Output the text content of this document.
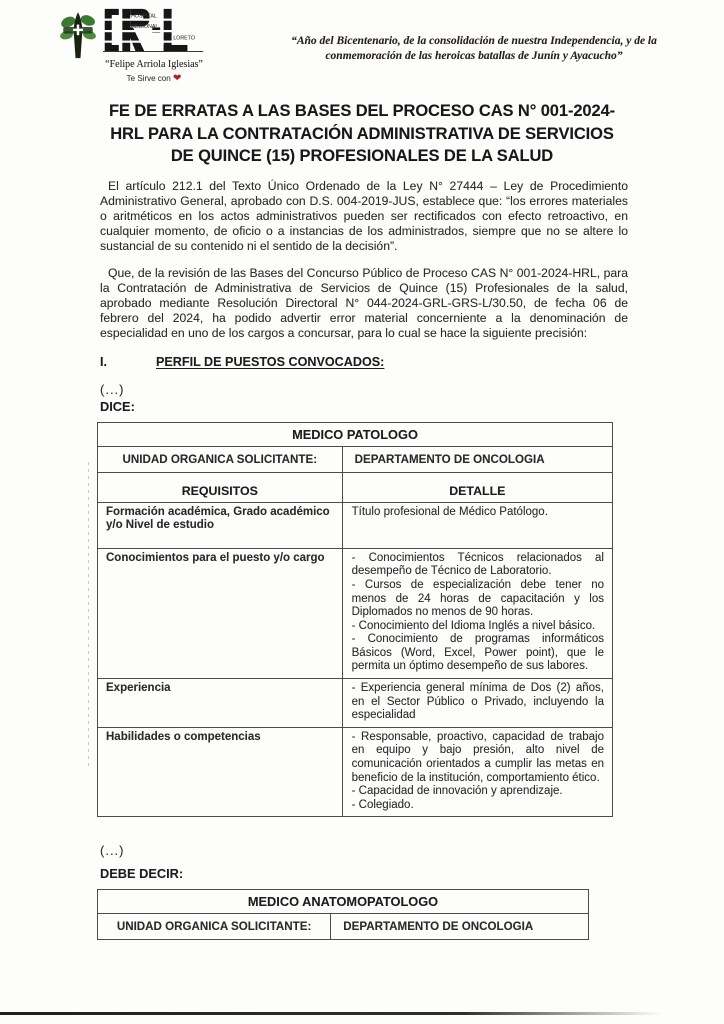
HOSPITAL
REGIONAL
LORETO
“Felipe Arriola Iglesias”
Te Sirve con ❤
“Año del Bicentenario, de la consolidación de nuestra Independencia, y de la
conmemoración de las heroicas batallas de Junín y Ayacucho”
FE DE ERRATAS A LAS BASES DEL PROCESO CAS N° 001-2024-
HRL PARA LA CONTRATACIÓN ADMINISTRATIVA DE SERVICIOS
DE QUINCE (15) PROFESIONALES DE LA SALUD

El artículo 212.1 del Texto Único Ordenado de la Ley N° 27444 – Ley de Procedimiento Administrativo General, aprobado con D.S. 004-2019-JUS, establece que: “los errores materiales o aritméticos en los actos administrativos pueden ser rectificados con efecto retroactivo, en cualquier momento, de oficio o a instancias de los administrados, siempre que no se altere lo sustancial de su contenido ni el sentido de la decisión”.

Que, de la revisión de las Bases del Concurso Público de Proceso CAS N° 001-2024-HRL, para la Contratación de Administrativa de Servicios de Quince (15) Profesionales de la salud, aprobado mediante Resolución Directoral N° 044-2024-GRL-GRS-L/30.50, de fecha 06 de febrero del 2024, ha podido advertir error material concerniente a la denominación de especialidad en uno de los cargos a concursar, para lo cual se hace la siguiente precisión:

I.	PERFIL DE PUESTOS CONVOCADOS:
(...)
DICE:
MEDICO PATOLOGO	
UNIDAD ORGANICA SOLICITANTE:	DEPARTAMENTO DE ONCOLOGIA
REQUISITOS	DETALLE
Formación académica, Grado académico y/o Nivel de estudio	Título profesional de Médico Patólogo.

Conocimientos para el puesto y/o cargo	- Conocimientos Técnicos relacionados al desempeño de Técnico de Laboratorio.
- Cursos de especialización debe tener no menos de 24 horas de capacitación y los Diplomados no menos de 90 horas.
- Conocimiento del Idioma Inglés a nivel básico.
- Conocimiento de programas informáticos Básicos (Word, Excel, Power point), que le permita un óptimo desempeño de sus labores.

Experiencia	- Experiencia general mínima de Dos (2) años, en el Sector Público o Privado, incluyendo la especialidad

Habilidades o competencias	- Responsable, proactivo, capacidad de trabajo en equipo y bajo presión, alto nivel de comunicación orientados a cumplir las metas en beneficio de la institución, comportamiento ético.
- Capacidad de innovación y aprendizaje.
- Colegiado.
(...)
DEBE DECIR:
MEDICO ANATOMOPATOLOGO
UNIDAD ORGANICA SOLICITANTE:	DEPARTAMENTO DE ONCOLOGIA
